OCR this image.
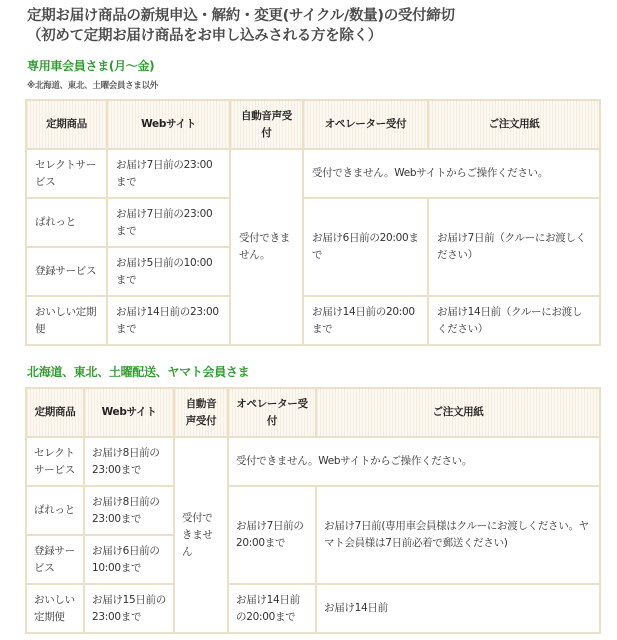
定期お届け商品の新規申込・解約・変更(サイクル/数量)の受付締切
（初めて定期お届け商品をお申し込みされる方を除く）
専用車会員さま(月〜金)
※北海道、東北、土曜会員さま以外
定期商品	Webサイト	自動音声受付	オペレーター受付	ご注文用紙
セレクトサービス	お届け7日前の23:00まで	受付できません。	受付できません。Webサイトからご操作ください。	
ぱれっと	お届け7日前の23:00まで		お届け6日前の20:00まで	お届け7日前（クルーにお渡しください）
登録サービス	お届け5日前の10:00まで			
おいしい定期便	お届け14日前の23:00まで		お届け14日前の20:00まで	お届け14日前（クルーにお渡しください）
北海道、東北、土曜配送、ヤマト会員さま
定期商品	Webサイト	自動音声受付	オペレーター受付	ご注文用紙
セレクトサービス	お届け8日前の23:00まで	受付できません	受付できません。Webサイトからご操作ください。	
ぱれっと	お届け8日前の23:00まで		お届け7日前の20:00まで	お届け7日前(専用車会員様はクルーにお渡しください。ヤマト会員様は7日前必着で郵送ください)
登録サービス	お届け6日前の10:00まで			
おいしい定期便	お届け15日前の23:00まで		お届け14日前の20:00まで	お届け14日前
